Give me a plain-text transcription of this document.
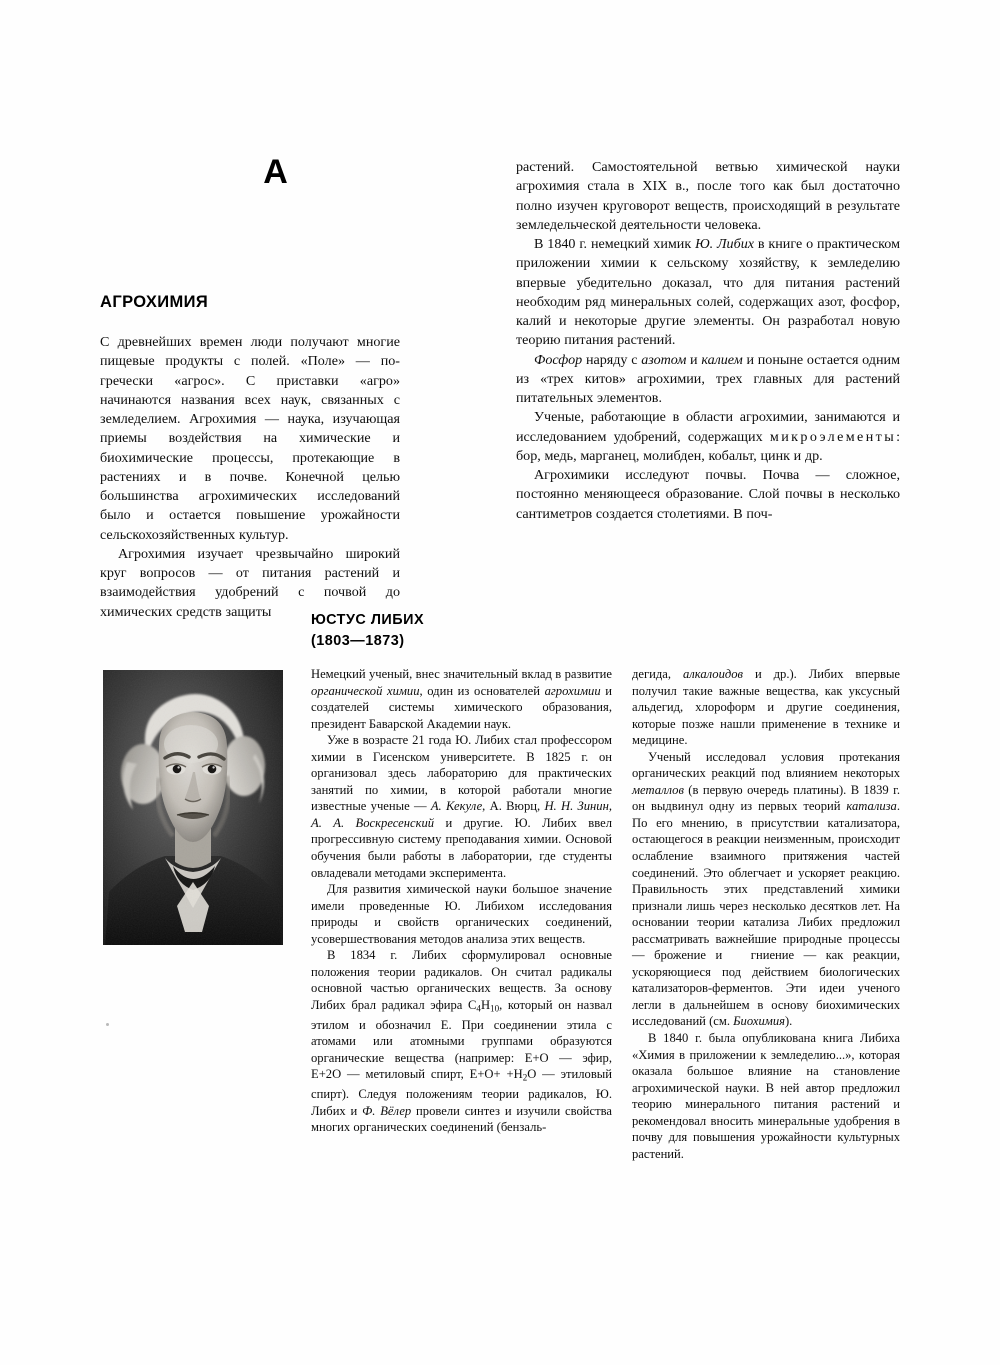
А
АГРОХИМИЯ

С древнейших времен люди получают многие пищевые продукты с полей. «Поле» — по-гречески «агрос». С приставки «агро» начинаются названия всех наук, связанных с земледелием. Агрохимия — наука, изучающая приемы воздействия на химические и биохимические процессы, протекающие в растениях и в почве. Конечной целью большинства агрохимических исследований было и остается повышение урожайности сельскохозяйственных культур.

Агрохимия изучает чрезвычайно широкий круг вопросов — от питания растений и взаимодействия удобрений с почвой до химических средств защиты

растений. Самостоятельной ветвью химической науки агрохимия стала в XIX в., после того как был достаточно полно изучен круговорот веществ, происходящий в результате земледельческой деятельности человека.

В 1840 г. немецкий химик Ю. Либих в книге о практическом приложении химии к сельскому хозяйству, к земледелию впервые убедительно доказал, что для питания растений необходим ряд минеральных солей, содержащих азот, фосфор, калий и некоторые другие элементы. Он разработал новую теорию питания растений.

Фосфор наряду с азотом и калием и поныне остается одним из «трех китов» агрохимии, трех главных для растений питательных элементов.

Ученые, работающие в области агрохимии, занимаются и исследованием удобрений, содержащих микроэлементы: бор, медь, марганец, молибден, кобальт, цинк и др.

Агрохимики исследуют почвы. Почва — сложное, постоянно меняющееся образование. Слой почвы в несколько сантиметров создается столетиями. В поч-

ЮСТУС ЛИБИХ
(1803—1873)

Немецкий ученый, внес значительный вклад в развитие органической химии, один из основателей агрохимии и создателей системы химического образования, президент Баварской Академии наук.

Уже в возрасте 21 года Ю. Либих стал профессором химии в Гисенском университете. В 1825 г. он организовал здесь лабораторию для практических занятий по химии, в которой работали многие известные ученые — А. Кекуле, А. Вюрц, Н. Н. Зинин, А. А. Воскресенский и другие. Ю. Либих ввел прогрессивную систему преподавания химии. Основой обучения были работы в лаборатории, где студенты овладевали методами эксперимента.

Для развития химической науки большое значение имели проведенные Ю. Либихом исследования природы и свойств органических соединений, усовершествования методов анализа этих веществ.

В 1834 г. Либих сформулировал основные положения теории радикалов. Он считал радикалы основной частью органических веществ. За основу Либих брал радикал эфира $C_4H_{10}$, который он назвал этилом и обозначил Е. При соединении этила с атомами или атомными группами образуются органические вещества (например: Е+О — эфир, Е+2О — метиловый спирт, $Е+О+ +H_2O$ — этиловый спирт). Следуя положениям теории радикалов, Ю. Либих и Ф. Вёлер провели синтез и изучили свойства многих органических соединений (бензаль-

дегида, алкалоидов и др.). Либих впервые получил такие важные вещества, как уксусный альдегид, хлороформ и другие соединения, которые позже нашли применение в технике и медицине.

Ученый исследовал условия протекания органических реакций под влиянием некоторых металлов (в первую очередь платины). В 1839 г. он выдвинул одну из первых теорий катализа. По его мнению, в присутствии катализатора, остающегося в реакции неизменным, происходит ослабление взаимного притяжения частей соединений. Это облегчает и ускоряет реакцию. Правильность этих представлений химики признали лишь через несколько десятков лет. На основании теории катализа Либих предложил рассматривать важнейшие природные процессы — брожение и   гниение — как реакции, ускоряющиеся под действием биологических катализаторов-ферментов. Эти идеи ученого легли в дальнейшем в основу биохимических исследований (см. Биохимия).

В 1840 г. была опубликована книга Либиха «Химия в приложении к земледелию...», которая оказала большое влияние на становление агрохимической науки. В ней автор предложил теорию минерального питания растений и рекомендовал вносить минеральные удобрения в почву для повышения урожайности культурных растений.
